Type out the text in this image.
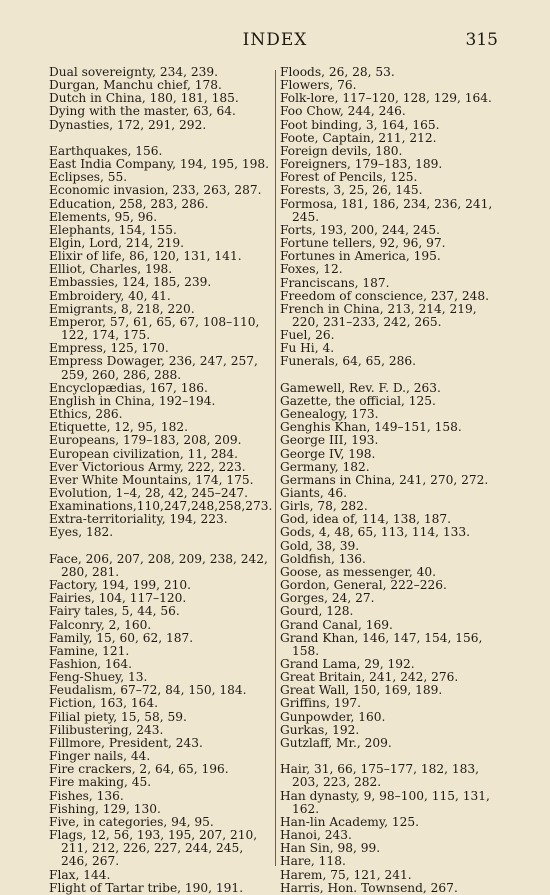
INDEX	315
Dual sovereignty, 234, 239.
Durgan, Manchu chief, 178.
Dutch in China, 180, 181, 185.
Dying with the master, 63, 64.
Dynasties, 172, 291, 292.
Earthquakes, 156.
East India Company, 194, 195, 198.
Eclipses, 55.
Economic invasion, 233, 263, 287.
Education, 258, 283, 286.
Elements, 95, 96.
Elephants, 154, 155.
Elgin, Lord, 214, 219.
Elixir of life, 86, 120, 131, 141.
Elliot, Charles, 198.
Embassies, 124, 185, 239.
Embroidery, 40, 41.
Emigrants, 8, 218, 220.
Emperor, 57, 61, 65, 67, 108–110, 122, 174, 175.
Empress, 125, 170.
Empress Dowager, 236, 247, 257, 259, 260, 286, 288.
Encyclopædias, 167, 186.
English in China, 192–194.
Ethics, 286.
Etiquette, 12, 95, 182.
Europeans, 179–183, 208, 209.
European civilization, 11, 284.
Ever Victorious Army, 222, 223.
Ever White Mountains, 174, 175.
Evolution, 1–4, 28, 42, 245–247.
Examinations,110,247,248,258,273.
Extra-territoriality, 194, 223.
Eyes, 182.
Face, 206, 207, 208, 209, 238, 242, 280, 281.
Factory, 194, 199, 210.
Fairies, 104, 117–120.
Fairy tales, 5, 44, 56.
Falconry, 2, 160.
Family, 15, 60, 62, 187.
Famine, 121.
Fashion, 164.
Feng-Shuey, 13.
Feudalism, 67–72, 84, 150, 184.
Fiction, 163, 164.
Filial piety, 15, 58, 59.
Filibustering, 243.
Fillmore, President, 243.
Finger nails, 44.
Fire crackers, 2, 64, 65, 196.
Fire making, 45.
Fishes, 136.
Fishing, 129, 130.
Five, in categories, 94, 95.
Flags, 12, 56, 193, 195, 207, 210, 211, 212, 226, 227, 244, 245, 246, 267.
Flax, 144.
Flight of Tartar tribe, 190, 191.
Floods, 26, 28, 53.
Flowers, 76.
Folk-lore, 117–120, 128, 129, 164.
Foo Chow, 244, 246.
Foot binding, 3, 164, 165.
Foote, Captain, 211, 212.
Foreign devils, 180.
Foreigners, 179–183, 189.
Forest of Pencils, 125.
Forests, 3, 25, 26, 145.
Formosa, 181, 186, 234, 236, 241, 245.
Forts, 193, 200, 244, 245.
Fortune tellers, 92, 96, 97.
Fortunes in America, 195.
Foxes, 12.
Franciscans, 187.
Freedom of conscience, 237, 248.
French in China, 213, 214, 219, 220, 231–233, 242, 265.
Fuel, 26.
Fu Hi, 4.
Funerals, 64, 65, 286.
Gamewell, Rev. F. D., 263.
Gazette, the official, 125.
Genealogy, 173.
Genghis Khan, 149–151, 158.
George III, 193.
George IV, 198.
Germany, 182.
Germans in China, 241, 270, 272.
Giants, 46.
Girls, 78, 282.
God, idea of, 114, 138, 187.
Gods, 4, 48, 65, 113, 114, 133.
Gold, 38, 39.
Goldfish, 136.
Goose, as messenger, 40.
Gordon, General, 222–226.
Gorges, 24, 27.
Gourd, 128.
Grand Canal, 169.
Grand Khan, 146, 147, 154, 156, 158.
Grand Lama, 29, 192.
Great Britain, 241, 242, 276.
Great Wall, 150, 169, 189.
Griffins, 197.
Gunpowder, 160.
Gurkas, 192.
Gutzlaff, Mr., 209.
Hair, 31, 66, 175–177, 182, 183, 203, 223, 282.
Han dynasty, 9, 98–100, 115, 131, 162.
Han-lin Academy, 125.
Hanoi, 243.
Han Sin, 98, 99.
Hare, 118.
Harem, 75, 121, 241.
Harris, Hon. Townsend, 267.
